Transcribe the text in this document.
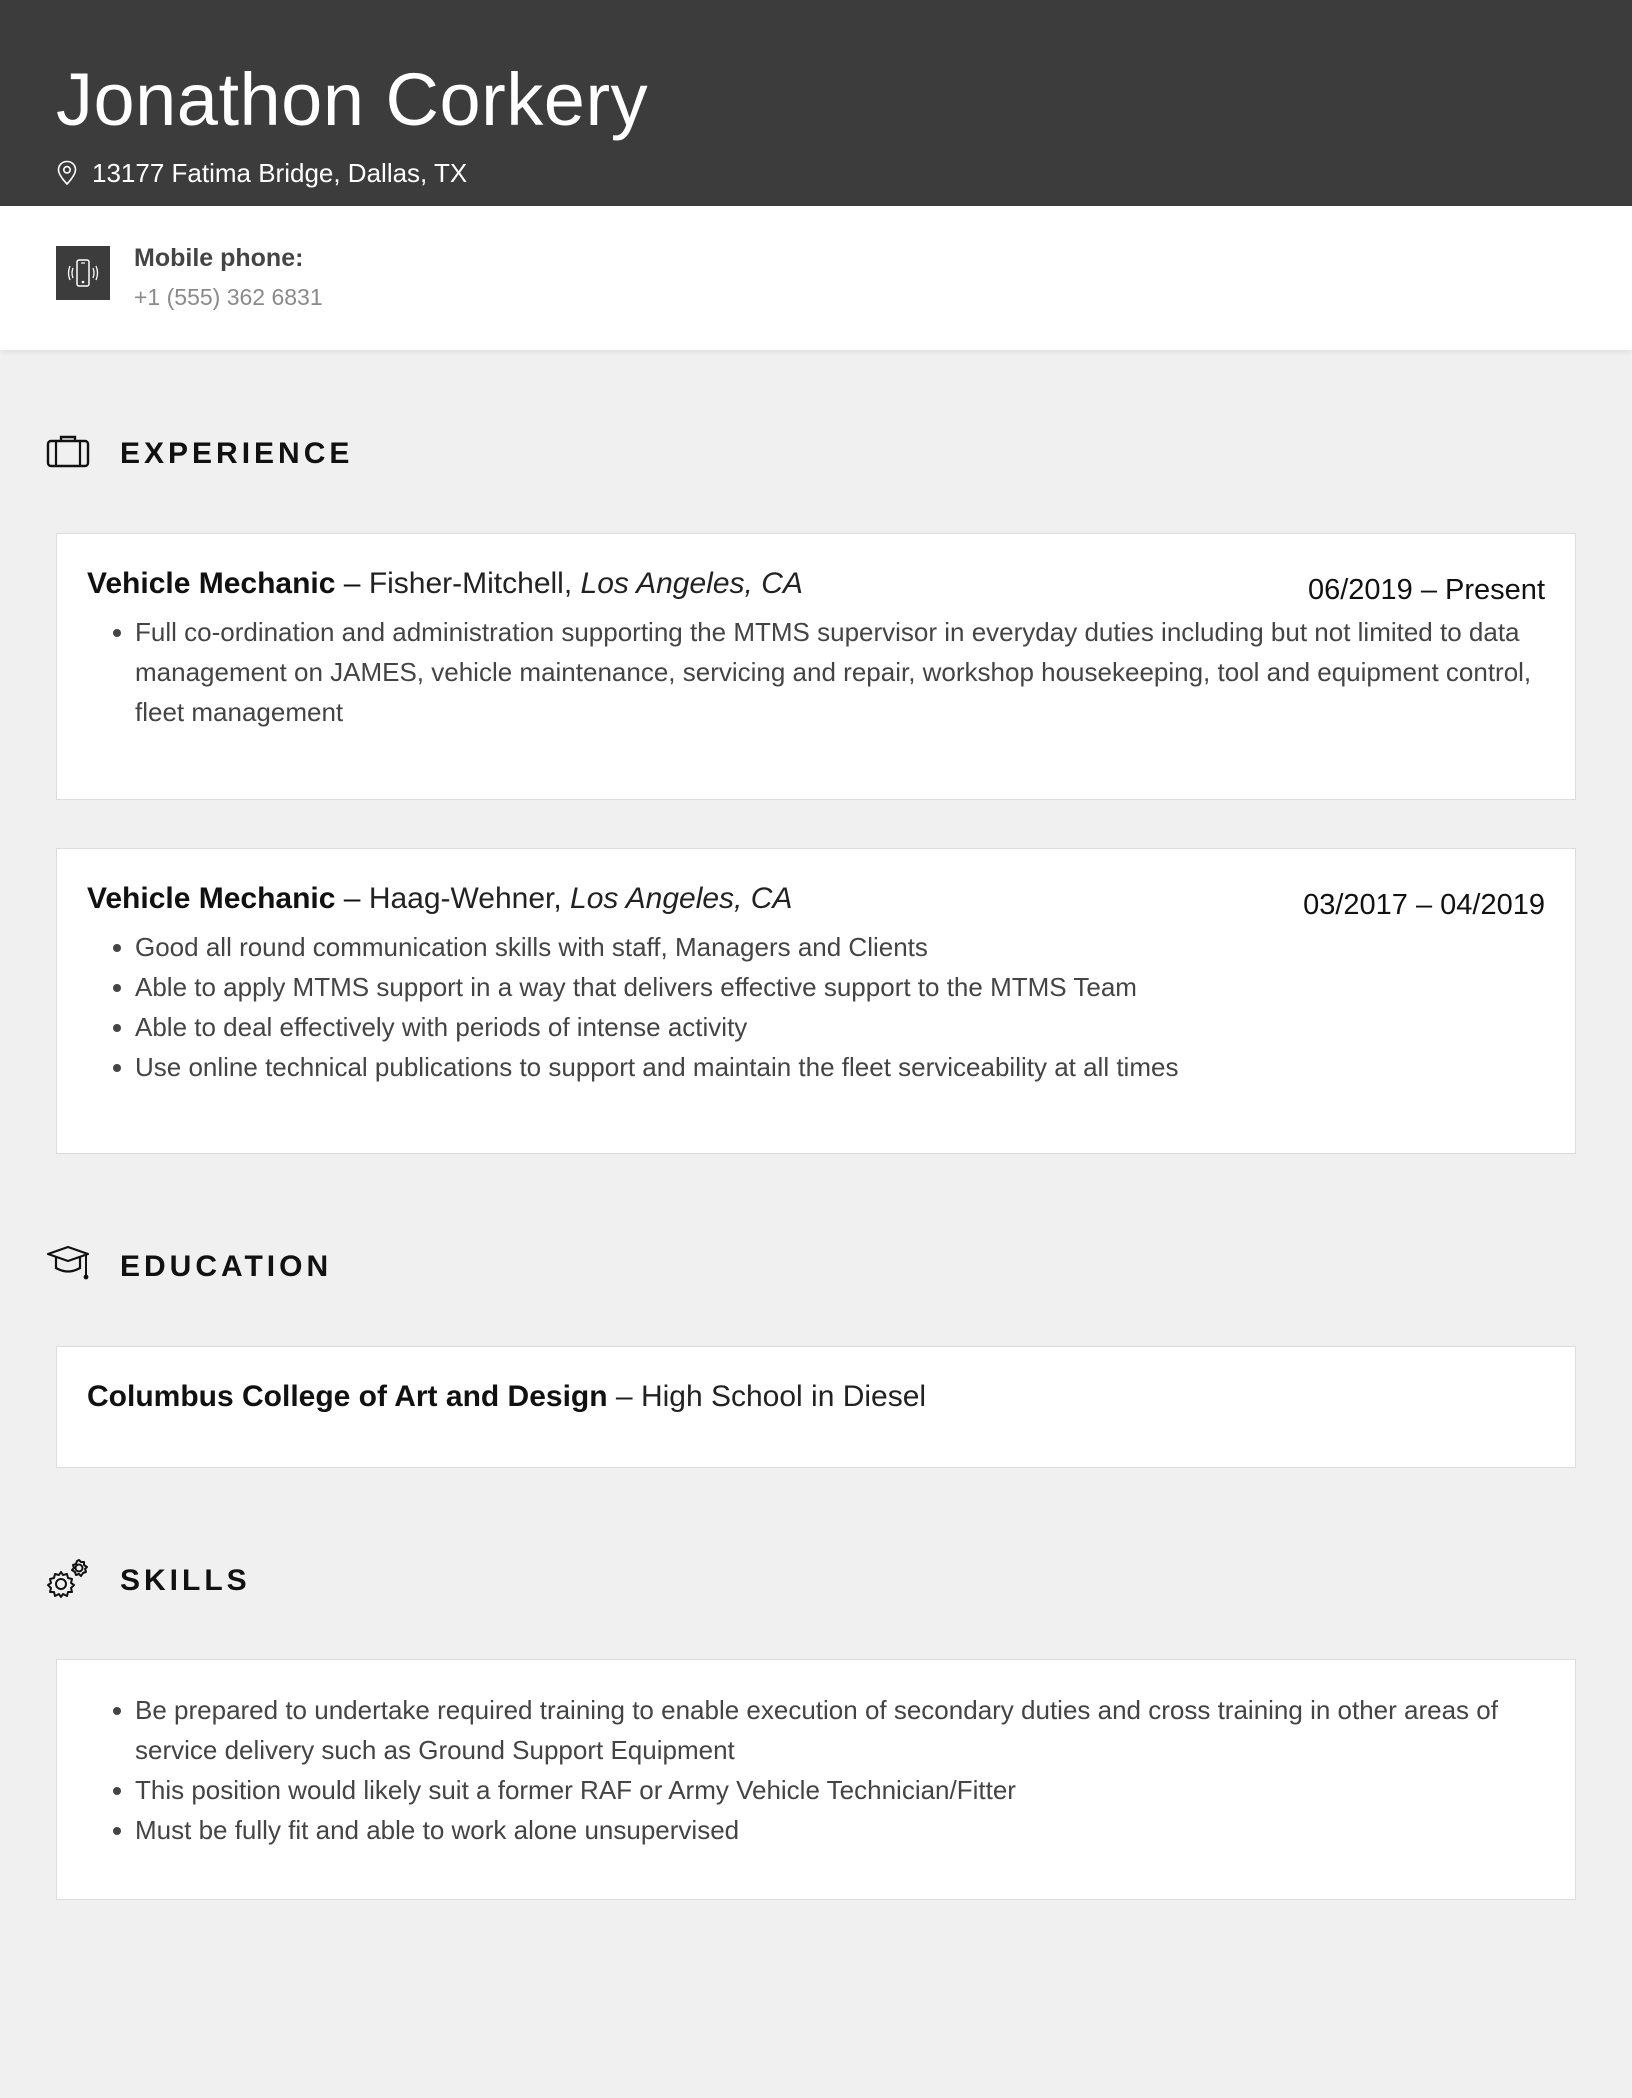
Jonathon Corkery
13177 Fatima Bridge, Dallas, TX
Mobile phone:
+1 (555) 362 6831
EXPERIENCE
Vehicle Mechanic – Fisher-Mitchell, Los Angeles, CA	06/2019 – Present
Full co-ordination and administration supporting the MTMS supervisor in everyday duties including but not limited to data management on JAMES, vehicle maintenance, servicing and repair, workshop housekeeping, tool and equipment control, fleet management
Vehicle Mechanic – Haag-Wehner, Los Angeles, CA	03/2017 – 04/2019
Good all round communication skills with staff, Managers and Clients
Able to apply MTMS support in a way that delivers effective support to the MTMS Team
Able to deal effectively with periods of intense activity
Use online technical publications to support and maintain the fleet serviceability at all times
EDUCATION
Columbus College of Art and Design – High School in Diesel
SKILLS
Be prepared to undertake required training to enable execution of secondary duties and cross training in other areas of service delivery such as Ground Support Equipment
This position would likely suit a former RAF or Army Vehicle Technician/Fitter
Must be fully fit and able to work alone unsupervised
